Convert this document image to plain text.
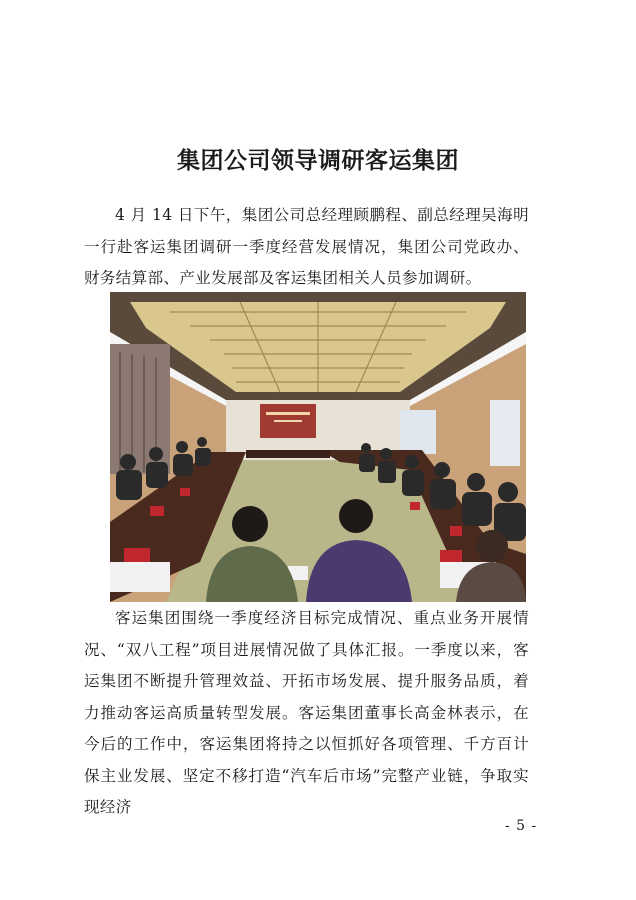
集团公司领导调研客运集团

4 月 14 日下午，集团公司总经理顾鹏程、副总经理吴海明一行赴客运集团调研一季度经营发展情况，集团公司党政办、财务结算部、产业发展部及客运集团相关人员参加调研。

客运集团围绕一季度经济目标完成情况、重点业务开展情况、“双八工程”项目进展情况做了具体汇报。一季度以来，客运集团不断提升管理效益、开拓市场发展、提升服务品质，着力推动客运高质量转型发展。客运集团董事长高金林表示，在今后的工作中，客运集团将持之以恒抓好各项管理、千方百计保主业发展、坚定不移打造“汽车后市场”完整产业链，争取实现经济

- 5 -
